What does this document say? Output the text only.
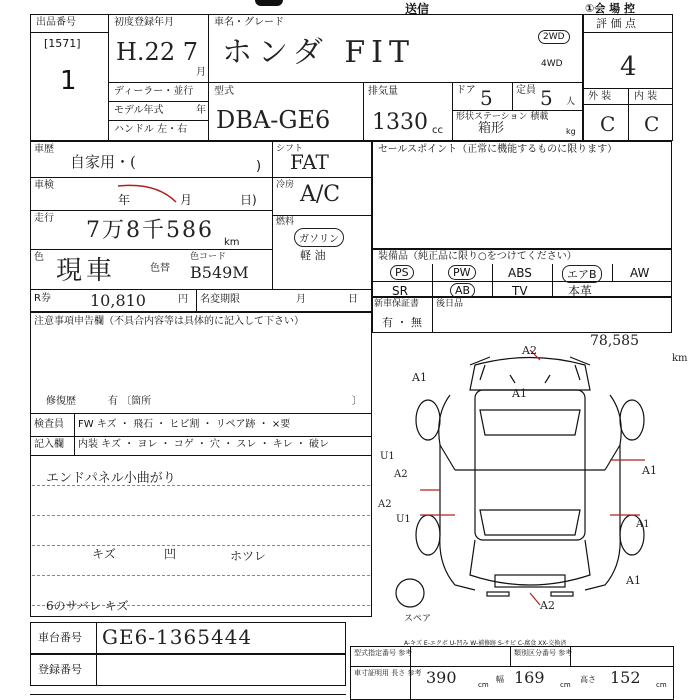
送信	①会 場 控
出品番号
[1571]
1
初度登録年月
H.22 7
月
車名・グレード
ホンダ FIT	2WD
4WD
ディーラー・並行
モデル年式	年
ハンドル 左・右
型式
DBA-GE6
排気量
1330 cc
ドア 5 定員 5 人
形状ステーション 積載
箱形	kg
評 価 点
4
外 装 内 装
C C
車歴
自家用・(	)
車検
年	月	日)
走行 7万8千586 km
色 現車	色替
色コード
B549M
シフト
FAT
冷房 A/C
燃料
ガソリン
軽 油
R券 10,810	円 名変期限	月	日
セールスポイント（正常に機能するものに限ります）
装備品（純正品に限り○をつけてください）
PS	PW	ABS	エアB	AW
SR	AB	TV	本革
新車保証書
有 ・ 無
後日品
注意事項申告欄（不具合内容等は具体的に記入して下さい）
修復歴	有 〔箇所	〕
検査員
記入欄
FW キズ ・ 飛石 ・ ヒビ割 ・ リペア跡 ・ ×要
内装 キズ ・ ヨレ ・ コゲ ・ 穴 ・ スレ ・ キレ ・ 破レ
エンドパネル小曲がり
キズ	凹	ホツレ
6のサバレ キズ
車台番号 GE6-1365444
登録番号
78,585
km
A2
A1
A1
U1
A2
A2
U1
A1
A1
A1
A2
スペア
A-キズ E-エクボ U-凹み W-補修跡 S-サビ C-腐食 XX-交換済
型式指定番号 参考	類別区分番号 参考
車寸証明用 長さ 参考 390	cm
幅 169 cm
高さ 152 cm
